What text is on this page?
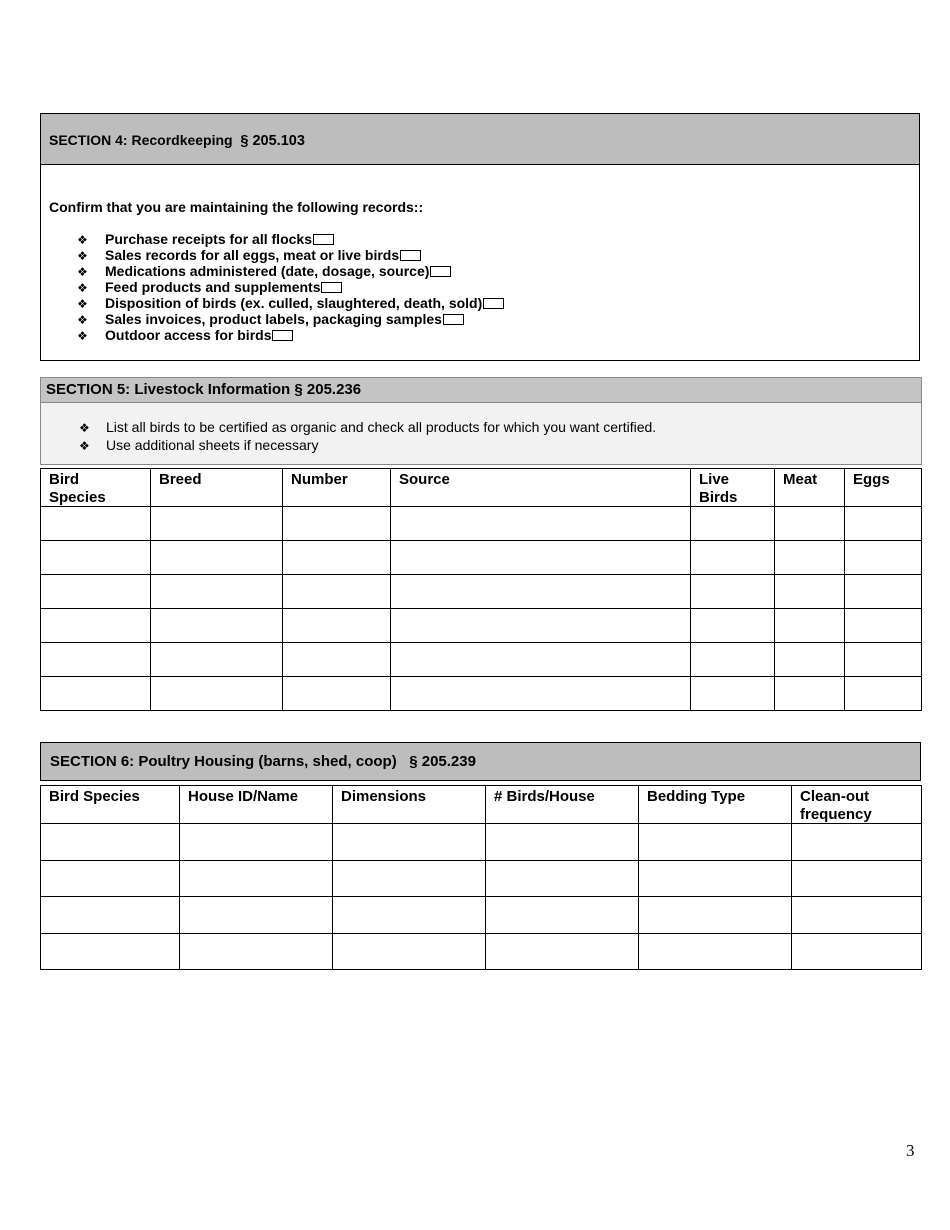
SECTION 4: Recordkeeping § 205.103
Confirm that you are maintaining the following records::
❖ Purchase receipts for all flocks
❖ Sales records for all eggs, meat or live birds
❖ Medications administered (date, dosage, source)
❖ Feed products and supplements
❖ Disposition of birds (ex. culled, slaughtered, death, sold)
❖ Sales invoices, product labels, packaging samples
❖ Outdoor access for birds
SECTION 5: Livestock Information § 205.236
❖ List all birds to be certified as organic and check all products for which you want certified.
❖ Use additional sheets if necessary
Bird Species	Breed	Number	Source	Live Birds	Meat	Eggs

SECTION 6: Poultry Housing (barns, shed, coop) § 205.239
Bird Species	House ID/Name	Dimensions	# Birds/House	Bedding Type	Clean-out frequency

3
